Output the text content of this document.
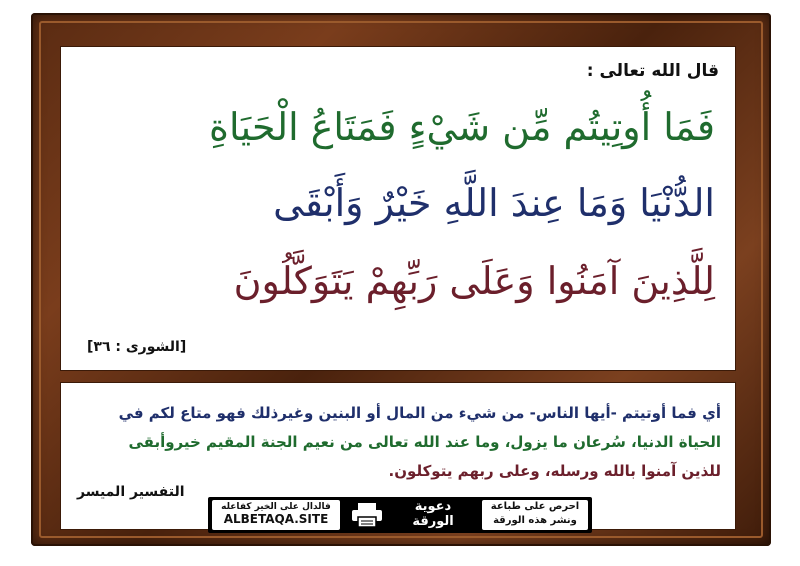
قال الله تعالى :
فَمَا أُوتِيتُم مِّن شَيْءٍ فَمَتَاعُ الْحَيَاةِ
الدُّنْيَا وَمَا عِندَ اللَّهِ خَيْرٌ وَأَبْقَى
لِلَّذِينَ آمَنُوا وَعَلَى رَبِّهِمْ يَتَوَكَّلُونَ
[الشورى : ٣٦]
أي فما أوتيتم -أيها الناس- من شيء من المال أو البنين وغيرذلك فهو متاع لكم في
الحياة الدنيا، سُرعان ما يزول، وما عند الله تعالى من نعيم الجنة المقيم خيروأبقى
للذين آمنوا بالله ورسله، وعلى ربهم يتوكلون.
التفسير الميسر
فالدال على الخير كفاعله
ALBETAQA.SITE
دعوية
الورقة
احرص على طباعة
ونشر هذه الورقة
